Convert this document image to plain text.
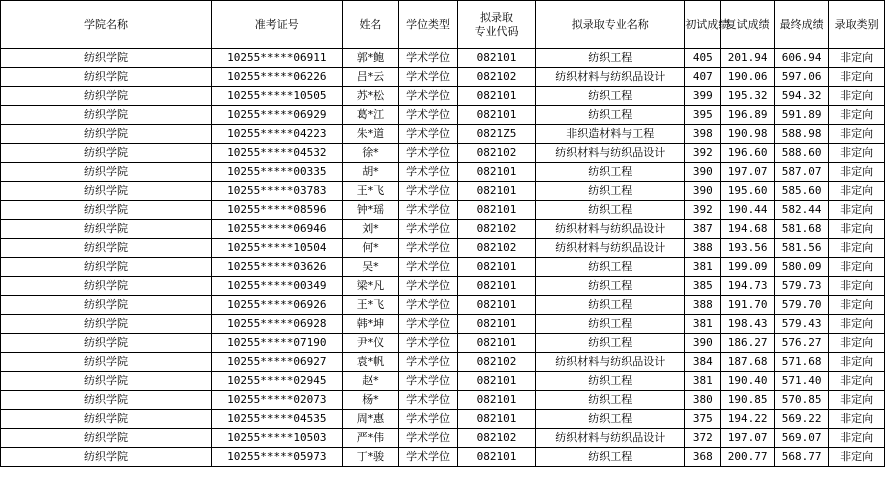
学院名称	准考证号	姓名	学位类型	拟录取
专业代码	拟录取专业名称	初试成绩	复试成绩	最终成绩	录取类别
纺织学院	10255*****06911	郭*鲍	学术学位	082101	纺织工程	405	201.94	606.94	非定向
纺织学院	10255*****06226	吕*云	学术学位	082102	纺织材料与纺织品设计	407	190.06	597.06	非定向
纺织学院	10255*****10505	苏*松	学术学位	082101	纺织工程	399	195.32	594.32	非定向
纺织学院	10255*****06929	葛*江	学术学位	082101	纺织工程	395	196.89	591.89	非定向
纺织学院	10255*****04223	朱*道	学术学位	0821Z5	非织造材料与工程	398	190.98	588.98	非定向
纺织学院	10255*****04532	徐*	学术学位	082102	纺织材料与纺织品设计	392	196.60	588.60	非定向
纺织学院	10255*****00335	胡*	学术学位	082101	纺织工程	390	197.07	587.07	非定向
纺织学院	10255*****03783	王*飞	学术学位	082101	纺织工程	390	195.60	585.60	非定向
纺织学院	10255*****08596	钟*瑶	学术学位	082101	纺织工程	392	190.44	582.44	非定向
纺织学院	10255*****06946	刘*	学术学位	082102	纺织材料与纺织品设计	387	194.68	581.68	非定向
纺织学院	10255*****10504	何*	学术学位	082102	纺织材料与纺织品设计	388	193.56	581.56	非定向
纺织学院	10255*****03626	吴*	学术学位	082101	纺织工程	381	199.09	580.09	非定向
纺织学院	10255*****00349	梁*凡	学术学位	082101	纺织工程	385	194.73	579.73	非定向
纺织学院	10255*****06926	王*飞	学术学位	082101	纺织工程	388	191.70	579.70	非定向
纺织学院	10255*****06928	韩*坤	学术学位	082101	纺织工程	381	198.43	579.43	非定向
纺织学院	10255*****07190	尹*仪	学术学位	082101	纺织工程	390	186.27	576.27	非定向
纺织学院	10255*****06927	袁*帆	学术学位	082102	纺织材料与纺织品设计	384	187.68	571.68	非定向
纺织学院	10255*****02945	赵*	学术学位	082101	纺织工程	381	190.40	571.40	非定向
纺织学院	10255*****02073	杨*	学术学位	082101	纺织工程	380	190.85	570.85	非定向
纺织学院	10255*****04535	周*惠	学术学位	082101	纺织工程	375	194.22	569.22	非定向
纺织学院	10255*****10503	严*伟	学术学位	082102	纺织材料与纺织品设计	372	197.07	569.07	非定向
纺织学院	10255*****05973	丁*骏	学术学位	082101	纺织工程	368	200.77	568.77	非定向
